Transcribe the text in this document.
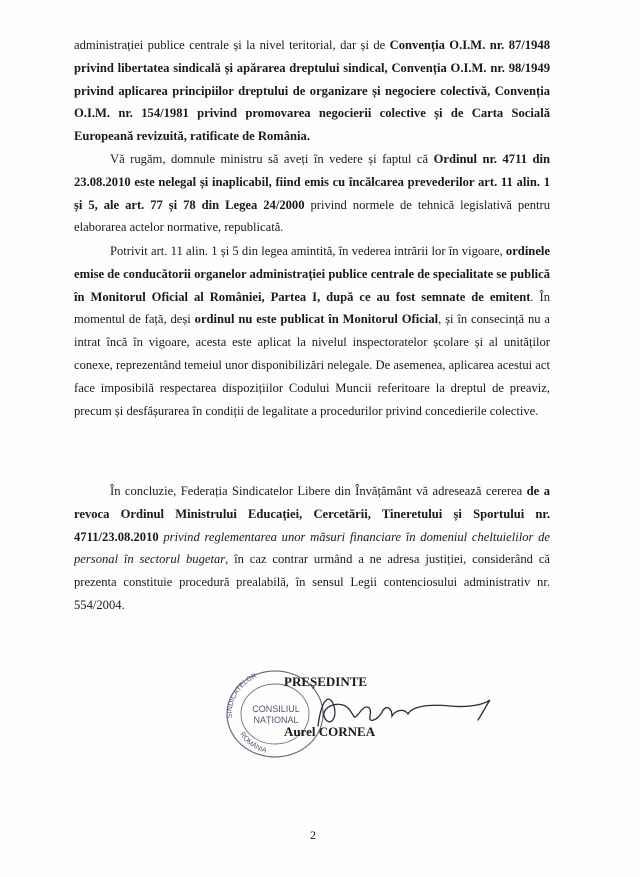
administrației publice centrale și la nivel teritorial, dar și de Convenția O.I.M. nr. 87/1948 privind libertatea sindicală și apărarea dreptului sindical, Convenția O.I.M. nr. 98/1949 privind aplicarea principiilor dreptului de organizare și negociere colectivă, Convenția O.I.M. nr. 154/1981 privind promovarea negocierii colective și de Carta Socială Europeană revizuită, ratificate de România.

Vă rugăm, domnule ministru să aveți în vedere și faptul că Ordinul nr. 4711 din 23.08.2010 este nelegal și inaplicabil, fiind emis cu încălcarea prevederilor art. 11 alin. 1 și 5, ale art. 77 și 78 din Legea 24/2000 privind normele de tehnică legislativă pentru elaborarea actelor normative, republicată.

Potrivit art. 11 alin. 1 și 5 din legea amintită, în vederea intrării lor în vigoare, ordinele emise de conducătorii organelor administrației publice centrale de specialitate se publică în Monitorul Oficial al României, Partea I, după ce au fost semnate de emitent. În momentul de față, deși ordinul nu este publicat în Monitorul Oficial, și în consecință nu a intrat încă în vigoare, acesta este aplicat la nivelul inspectoratelor școlare și al unităților conexe, reprezentând temeiul unor disponibilizări nelegale. De asemenea, aplicarea acestui act face imposibilă respectarea dispozițiilor Codului Muncii referitoare la dreptul de preaviz, precum și desfășurarea în condiții de legalitate a procedurilor privind concedierile colective.

În concluzie, Federația Sindicatelor Libere din Învățământ vă adresează cererea de a revoca Ordinul Ministrului Educației, Cercetării, Tineretului și Sportului nr. 4711/23.08.2010 privind reglementarea unor măsuri financiare în domeniul cheltuielilor de personal în sectorul bugetar, în caz contrar urmând a ne adresa justiției, considerând că prezenta constituie procedură prealabilă, în sensul Legii contenciosului administrativ nr. 554/2004.

SINDICATELOR
ROMÂNIA
CONSILIUL
NAȚIONAL
PREȘEDINTE
Aurel CORNEA
2
